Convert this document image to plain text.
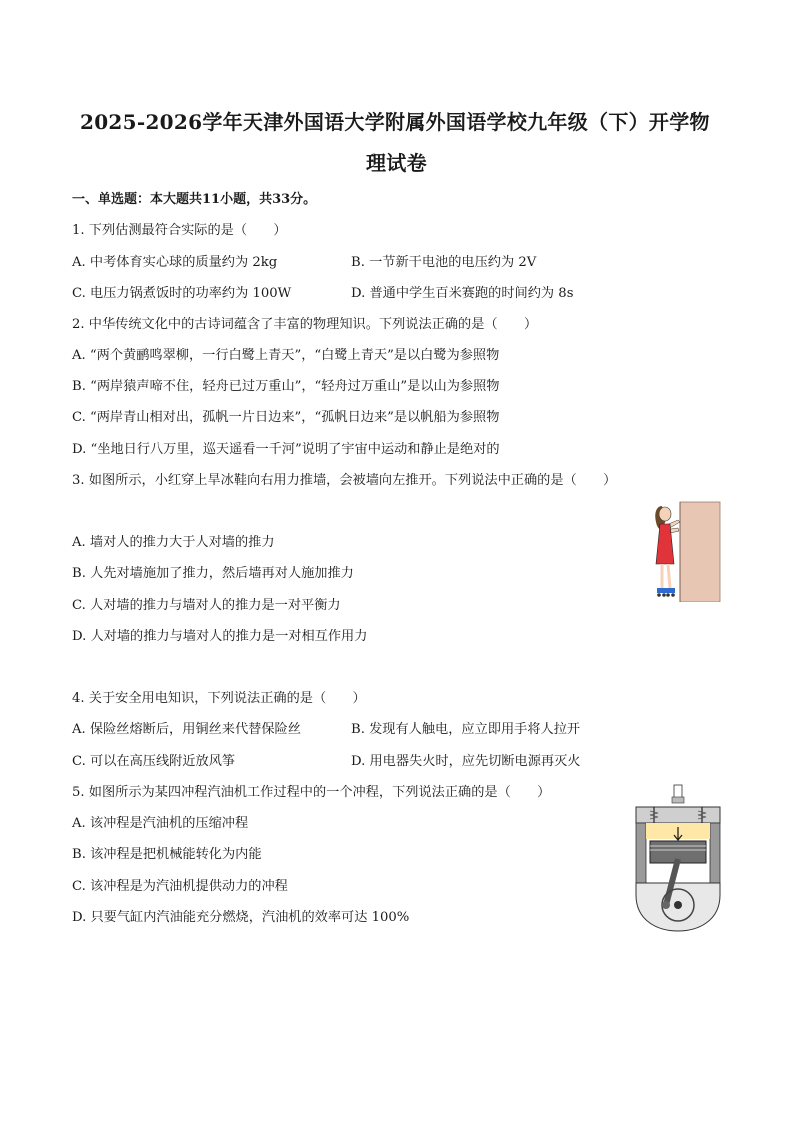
2025-2026学年天津外国语大学附属外国语学校九年级（下）开学物
理试卷
一、单选题：本大题共11小题，共33分。
1. 下列估测最符合实际的是（　　）
A. 中考体育实心球的质量约为 2kg	B. 一节新干电池的电压约为 2V
C. 电压力锅煮饭时的功率约为 100W	D. 普通中学生百米赛跑的时间约为 8s
2. 中华传统文化中的古诗词蕴含了丰富的物理知识。下列说法正确的是（　　）
A. “两个黄鹂鸣翠柳，一行白鹭上青天”，“白鹭上青天”是以白鹭为参照物
B. “两岸猿声啼不住，轻舟已过万重山”，“轻舟过万重山”是以山为参照物
C. “两岸青山相对出，孤帆一片日边来”，“孤帆日边来”是以帆船为参照物
D. “坐地日行八万里，巡天遥看一千河”说明了宇宙中运动和静止是绝对的
3. 如图所示，小红穿上旱冰鞋向右用力推墙，会被墙向左推开。下列说法中正确的是（　　）
A. 墙对人的推力大于人对墙的推力
B. 人先对墙施加了推力，然后墙再对人施加推力
C. 人对墙的推力与墙对人的推力是一对平衡力
D. 人对墙的推力与墙对人的推力是一对相互作用力
4. 关于安全用电知识，下列说法正确的是（　　）
A. 保险丝熔断后，用铜丝来代替保险丝	B. 发现有人触电，应立即用手将人拉开
C. 可以在高压线附近放风筝	D. 用电器失火时，应先切断电源再灭火
5. 如图所示为某四冲程汽油机工作过程中的一个冲程，下列说法正确的是（　　）
A. 该冲程是汽油机的压缩冲程
B. 该冲程是把机械能转化为内能
C. 该冲程是为汽油机提供动力的冲程
D. 只要气缸内汽油能充分燃烧，汽油机的效率可达 100%
